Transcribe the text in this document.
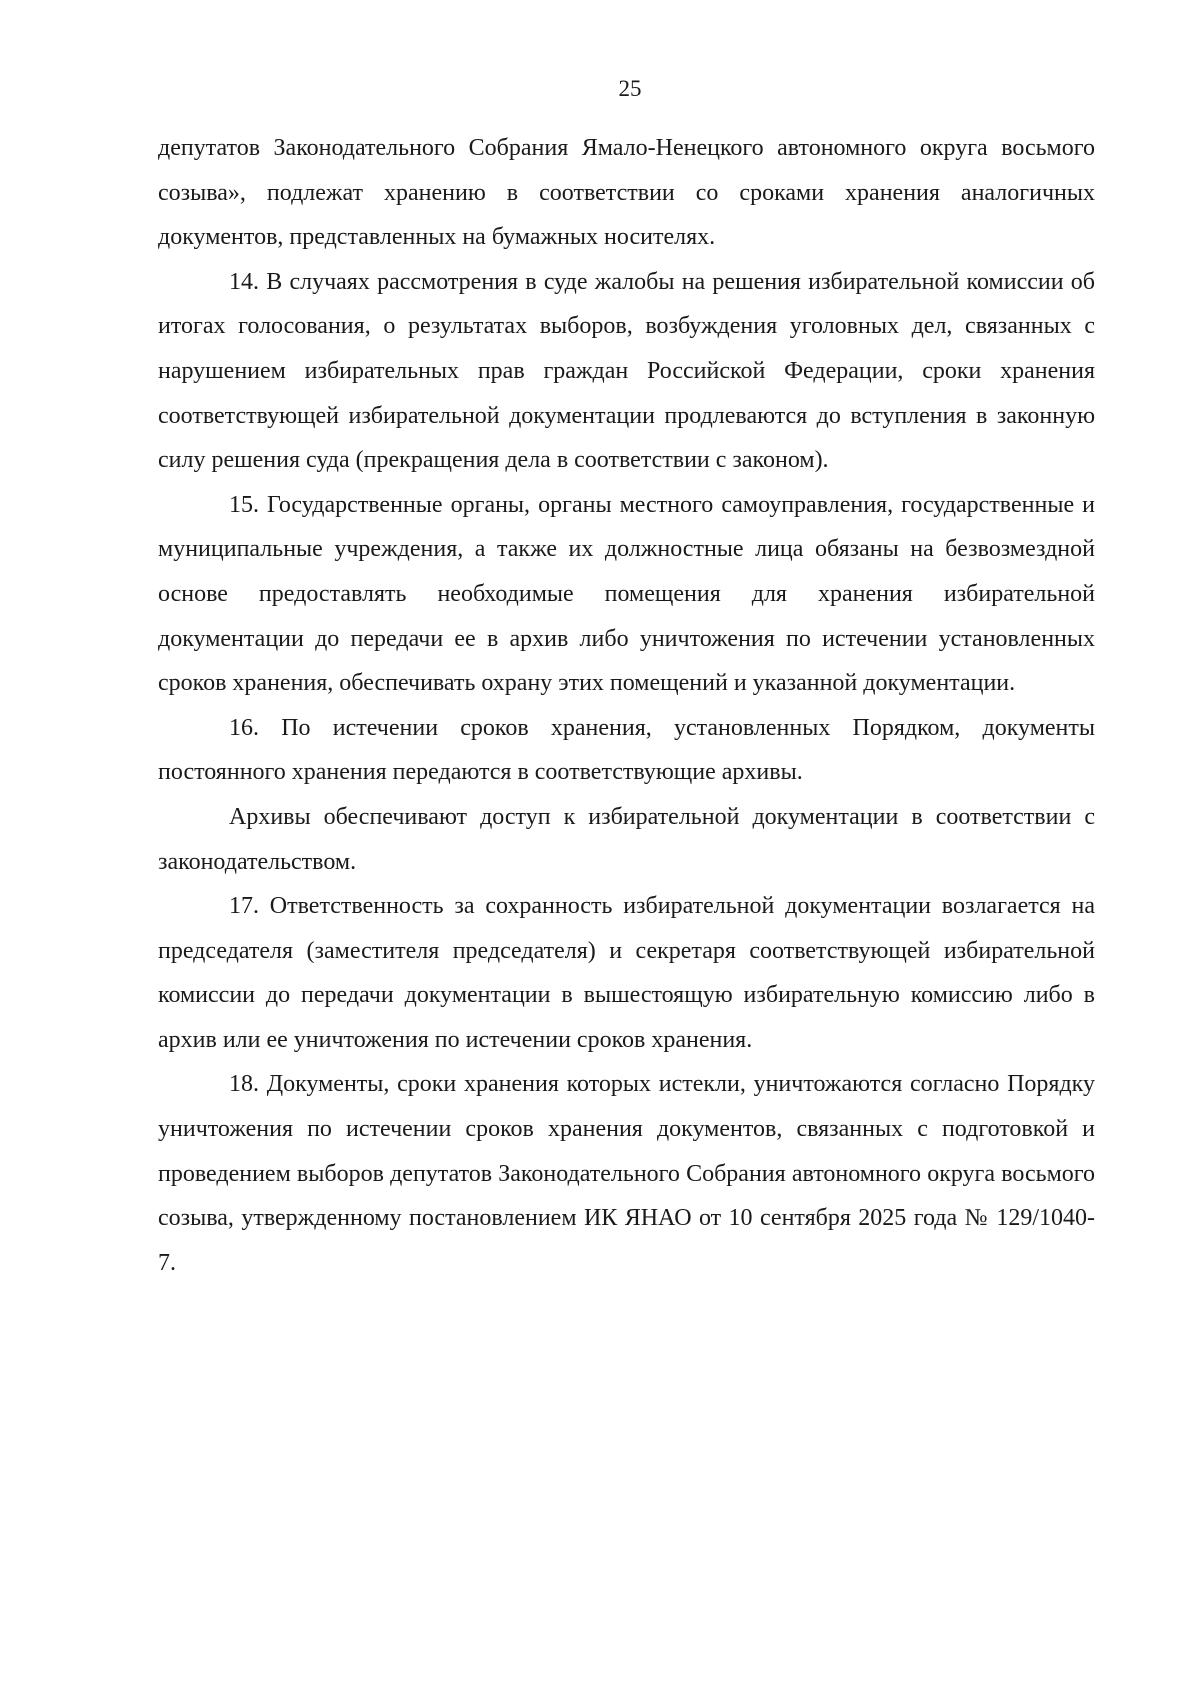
25

депутатов Законодательного Собрания Ямало-Ненецкого автономного округа восьмого созыва», подлежат хранению в соответствии со сроками хранения аналогичных документов, представленных на бумажных носителях.

14. В случаях рассмотрения в суде жалобы на решения избирательной комиссии об итогах голосования, о результатах выборов, возбуждения уголовных дел, связанных с нарушением избирательных прав граждан Российской Федерации, сроки хранения соответствующей избирательной документации продлеваются до вступления в законную силу решения суда (прекращения дела в соответствии с законом).

15. Государственные органы, органы местного самоуправления, государственные и муниципальные учреждения, а также их должностные лица обязаны на безвозмездной основе предоставлять необходимые помещения для хранения избирательной документации до передачи ее в архив либо уничтожения по истечении установленных сроков хранения, обеспечивать охрану этих помещений и указанной документации.

16. По истечении сроков хранения, установленных Порядком, документы постоянного хранения передаются в соответствующие архивы.

Архивы обеспечивают доступ к избирательной документации в соответствии с законодательством.

17. Ответственность за сохранность избирательной документации возлагается на председателя (заместителя председателя) и секретаря соответствующей избирательной комиссии до передачи документации в вышестоящую избирательную комиссию либо в архив или ее уничтожения по истечении сроков хранения.

18. Документы, сроки хранения которых истекли, уничтожаются согласно Порядку уничтожения по истечении сроков хранения документов, связанных с подготовкой и проведением выборов депутатов Законодательного Собрания автономного округа восьмого созыва, утвержденному постановлением ИК ЯНАО от 10 сентября 2025 года № 129/1040-7.
